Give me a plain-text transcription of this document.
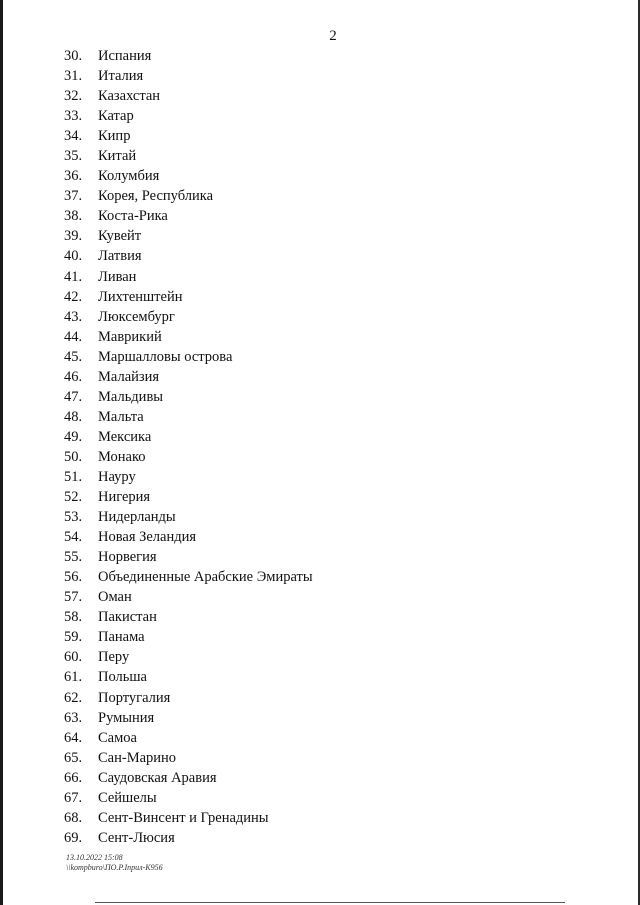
2
30.	Испания
31.	Италия
32.	Казахстан
33.	Катар
34.	Кипр
35.	Китай
36.	Колумбия
37.	Корея, Республика
38.	Коста-Рика
39.	Кувейт
40.	Латвия
41.	Ливан
42.	Лихтенштейн
43.	Люксембург
44.	Маврикий
45.	Маршалловы острова
46.	Малайзия
47.	Мальдивы
48.	Мальта
49.	Мексика
50.	Монако
51.	Науру
52.	Нигерия
53.	Нидерланды
54.	Новая Зеландия
55.	Норвегия
56.	Объединенные Арабские Эмираты
57.	Оман
58.	Пакистан
59.	Панама
60.	Перу
61.	Польша
62.	Португалия
63.	Румыния
64.	Самоа
65.	Сан-Марино
66.	Саудовская Аравия
67.	Сейшелы
68.	Сент-Винсент и Гренадины
69.	Сент-Люсия
13.10.2022 15:08
\\kompburo\ПО.Р.Іприл-К956
